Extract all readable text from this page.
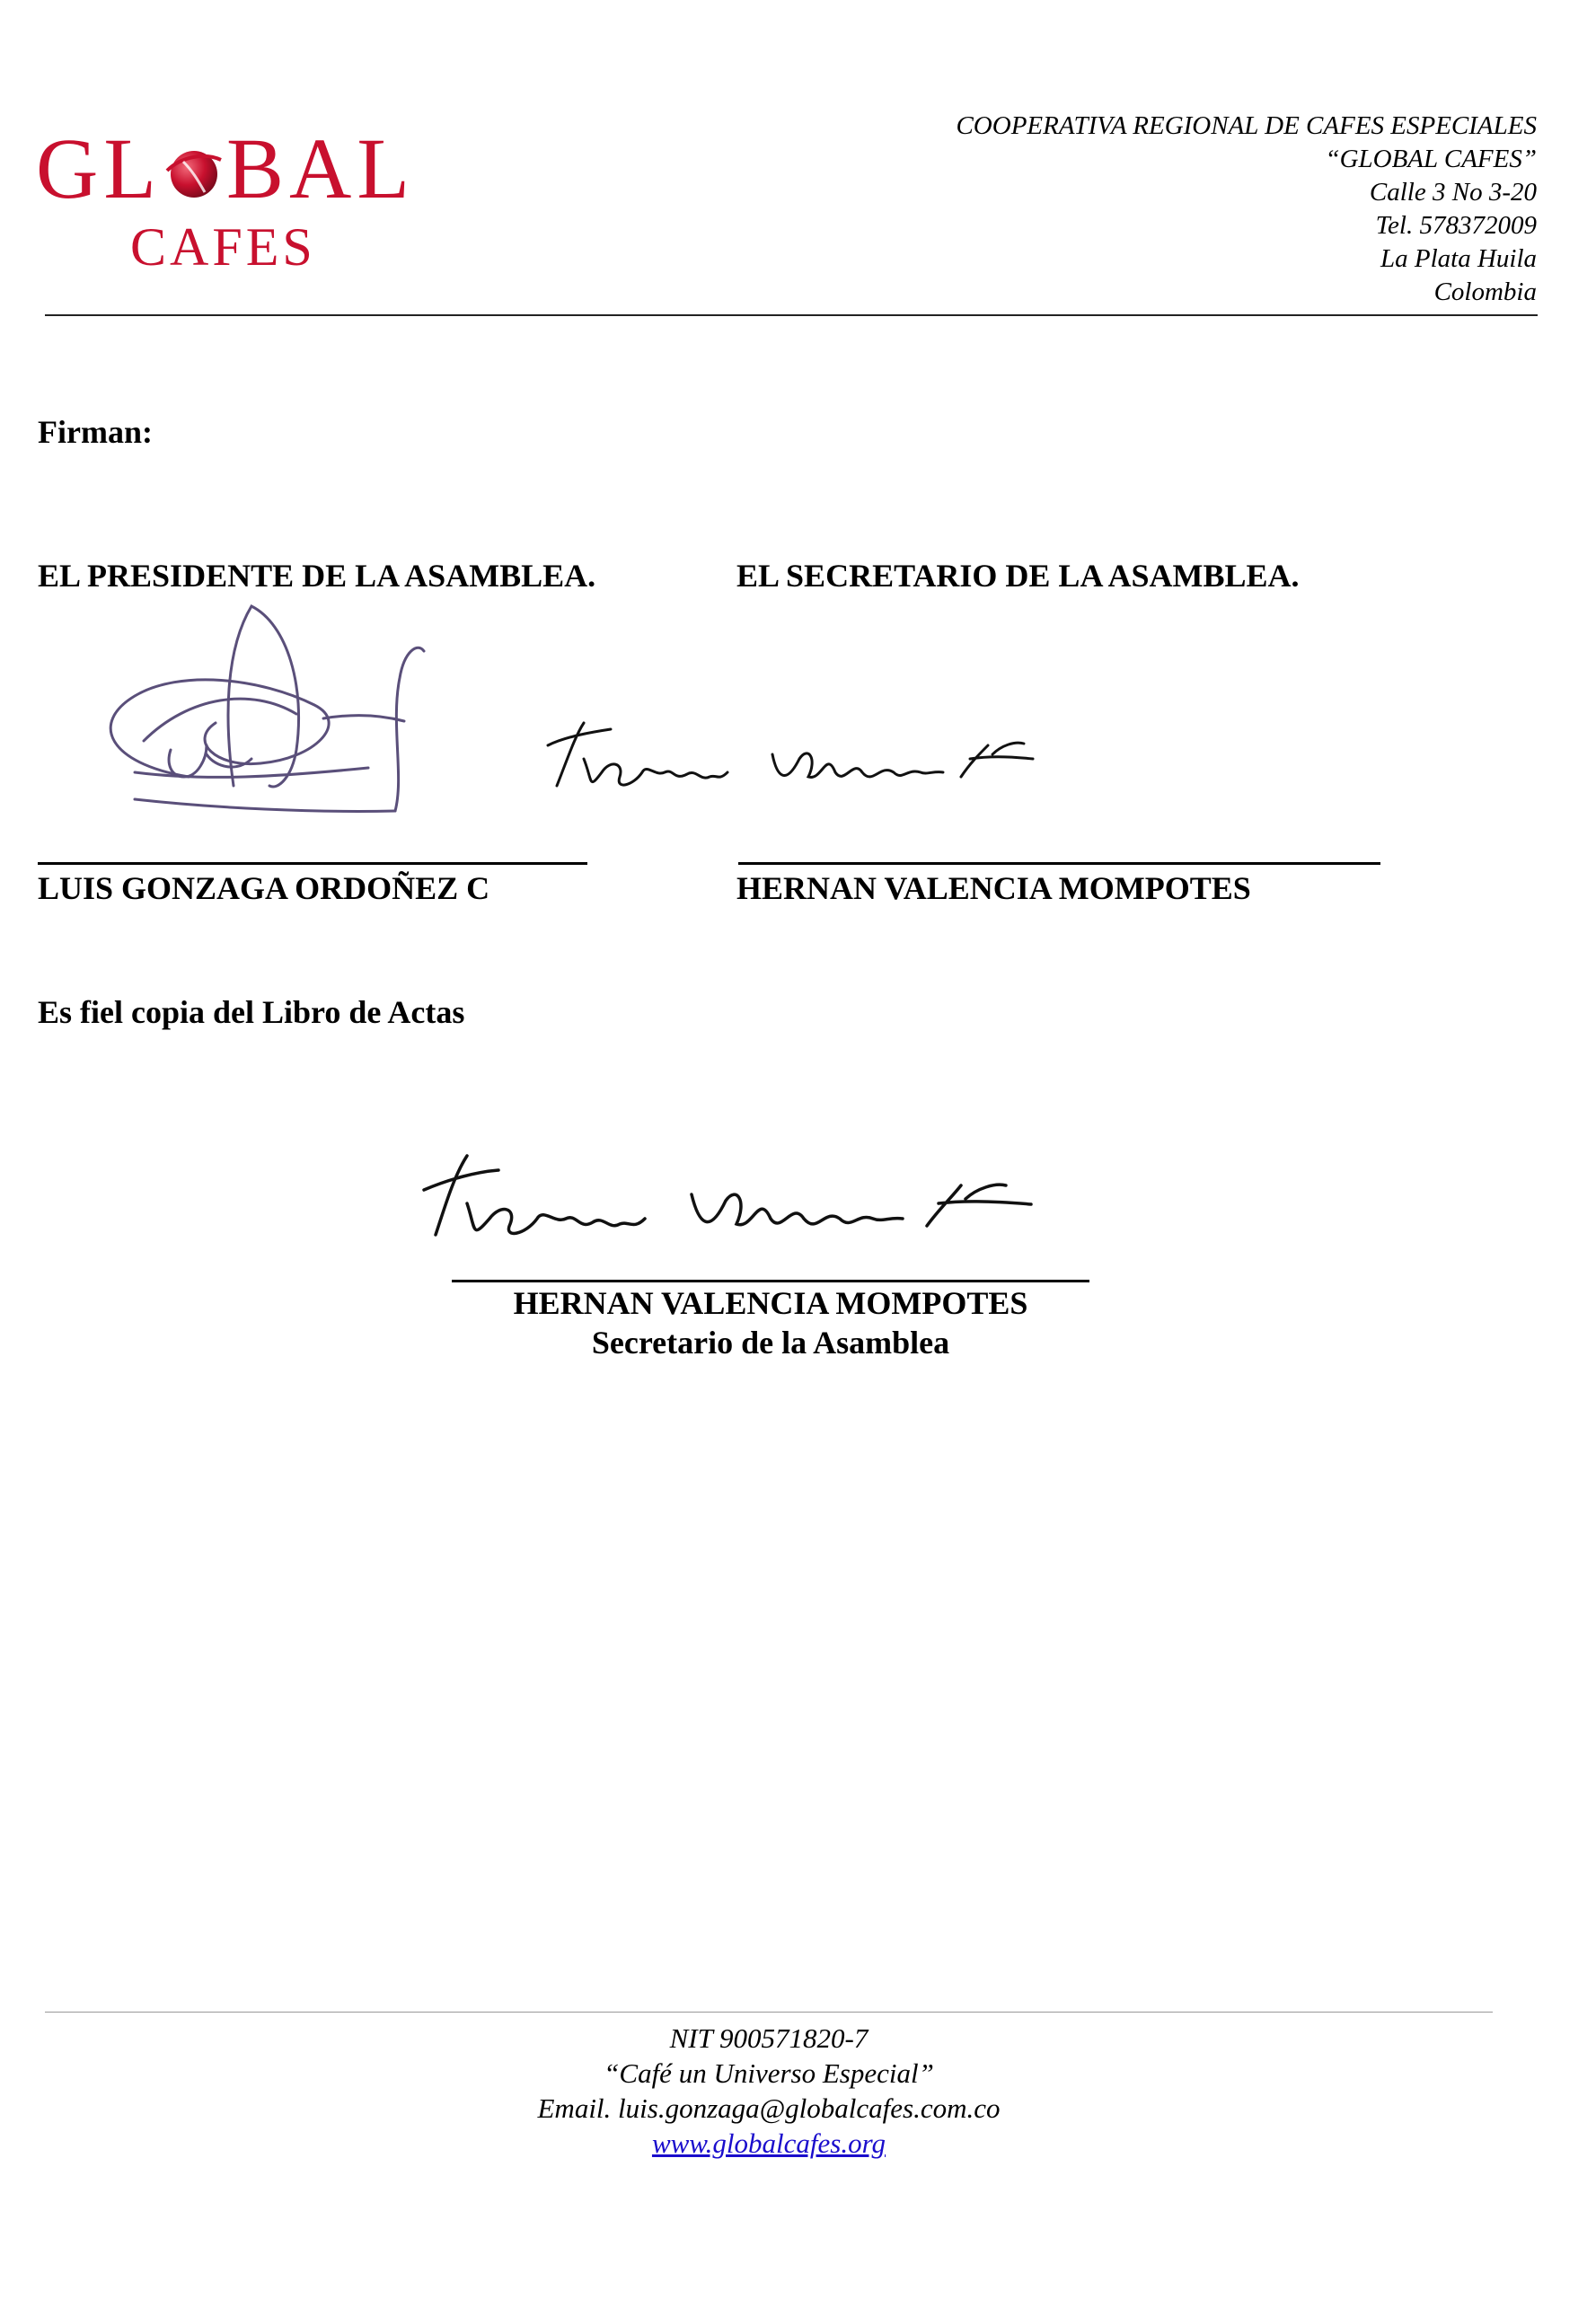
GL BAL
CAFES
COOPERATIVA REGIONAL DE CAFES ESPECIALES
“GLOBAL CAFES”
Calle 3 No 3-20
Tel. 578372009
La Plata Huila
Colombia
Firman:
EL PRESIDENTE DE LA ASAMBLEA.	EL SECRETARIO DE LA ASAMBLEA.
LUIS GONZAGA ORDOÑEZ C	HERNAN VALENCIA MOMPOTES
Es fiel copia del Libro de Actas
HERNAN VALENCIA MOMPOTES
Secretario de la Asamblea
NIT 900571820-7
“Café un Universo Especial”
Email. luis.gonzaga@globalcafes.com.co
www.globalcafes.org
